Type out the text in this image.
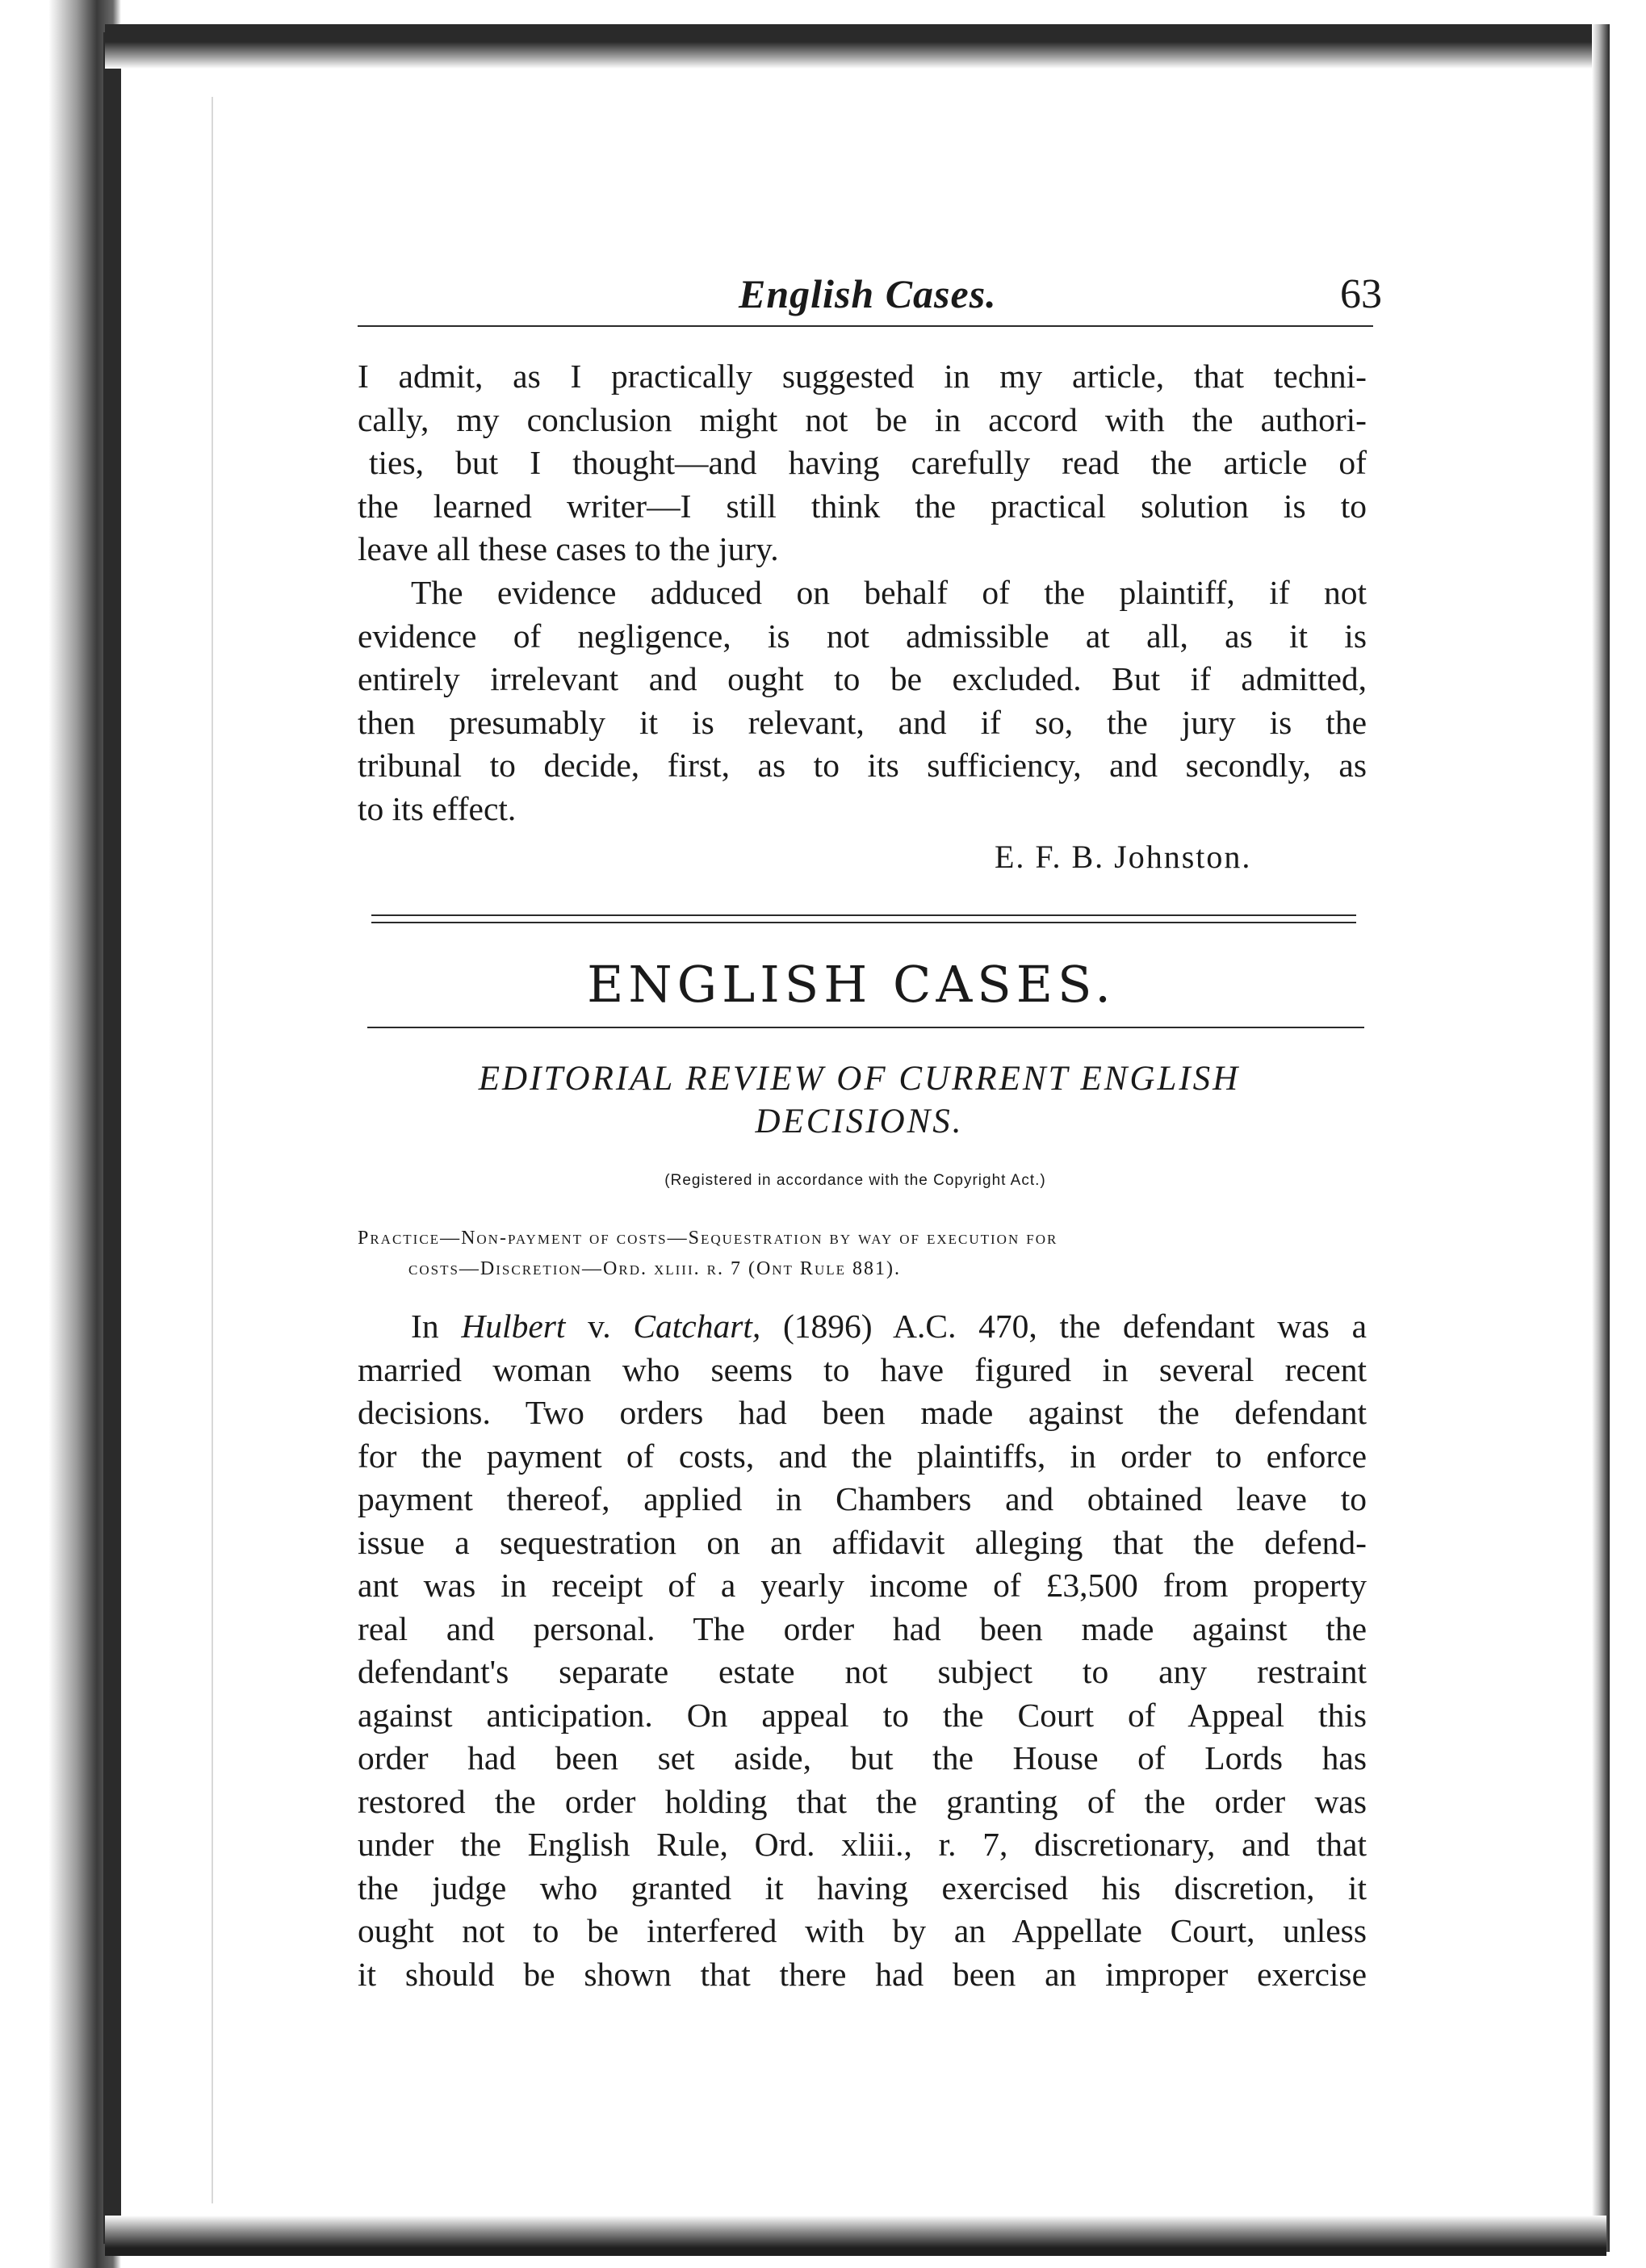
English Cases.	63
I admit, as I practically suggested in my article, that techni-
cally, my conclusion might not be in accord with the authori-
ties, but I thought—and having carefully read the article of
the learned writer—I still think the practical solution is to
leave all these cases to the jury.
The evidence adduced on behalf of the plaintiff, if not
evidence of negligence, is not admissible at all, as it is
entirely irrelevant and ought to be excluded. But if admitted,
then presumably it is relevant, and if so, the jury is the
tribunal to decide, first, as to its sufficiency, and secondly, as
to its effect.
E. F. B. Johnston.
ENGLISH CASES.
EDITORIAL REVIEW OF CURRENT ENGLISH
DECISIONS.
(Registered in accordance with the Copyright Act.)
Practice—Non-payment of costs—Sequestration by way of execution for
costs—Discretion—Ord. xliii. r. 7 (Ont Rule 881).
In Hulbert v. Catchart, (1896) A.C. 470, the defendant was a
married woman who seems to have figured in several recent
decisions. Two orders had been made against the defendant
for the payment of costs, and the plaintiffs, in order to enforce
payment thereof, applied in Chambers and obtained leave to
issue a sequestration on an affidavit alleging that the defend-
ant was in receipt of a yearly income of £3,500 from property
real and personal. The order had been made against the
defendant's separate estate not subject to any restraint
against anticipation. On appeal to the Court of Appeal this
order had been set aside, but the House of Lords has
restored the order holding that the granting of the order was
under the English Rule, Ord. xliii., r. 7, discretionary, and that
the judge who granted it having exercised his discretion, it
ought not to be interfered with by an Appellate Court, unless
it should be shown that there had been an improper exercise
